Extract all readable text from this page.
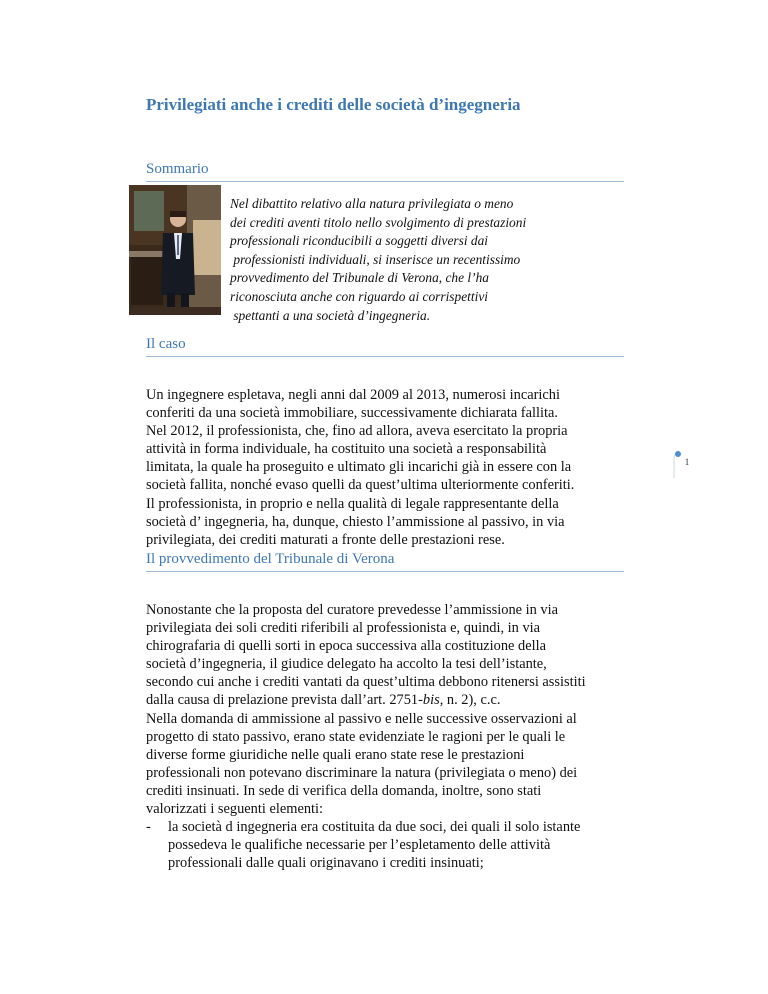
Privilegiati anche i crediti delle società d’ingegneria
Sommario

Nel dibattito relativo alla natura privilegiata o meno
dei crediti aventi titolo nello svolgimento di prestazioni
professionali riconducibili a soggetti diversi dai
professionisti individuali, si inserisce un recentissimo
provvedimento del Tribunale di Verona, che l’ha
riconosciuta anche con riguardo ai corrispettivi
spettanti a una società d’ingegneria.

Il caso

Un ingegnere espletava, negli anni dal 2009 al 2013, numerosi incarichi
conferiti da una società immobiliare, successivamente dichiarata fallita.
Nel 2012, il professionista, che, fino ad allora, aveva esercitato la propria
attività in forma individuale, ha costituito una società a responsabilità
limitata, la quale ha proseguito e ultimato gli incarichi già in essere con la
società fallita, nonché evaso quelli da quest’ultima ulteriormente conferiti.
Il professionista, in proprio e nella qualità di legale rappresentante della
società d’ ingegneria, ha, dunque, chiesto l’ammissione al passivo, in via
privilegiata, dei crediti maturati a fronte delle prestazioni rese.

Il provvedimento del Tribunale di Verona

Nonostante che la proposta del curatore prevedesse l’ammissione in via
privilegiata dei soli crediti riferibili al professionista e, quindi, in via
chirografaria di quelli sorti in epoca successiva alla costituzione della
società d’ingegneria, il giudice delegato ha accolto la tesi dell’istante,
secondo cui anche i crediti vantati da quest’ultima debbono ritenersi assistiti
dalla causa di prelazione prevista dall’art. 2751-bis, n. 2), c.c.
Nella domanda di ammissione al passivo e nelle successive osservazioni al
progetto di stato passivo, erano state evidenziate le ragioni per le quali le
diverse forme giuridiche nelle quali erano state rese le prestazioni
professionali non potevano discriminare la natura (privilegiata o meno) dei
crediti insinuati. In sede di verifica della domanda, inoltre, sono stati
valorizzati i seguenti elementi:
- la società d ingegneria era costituita da due soci, dei quali il solo istante
possedeva le qualifiche necessarie per l’espletamento delle attività
professionali dalle quali originavano i crediti insinuati;

1
